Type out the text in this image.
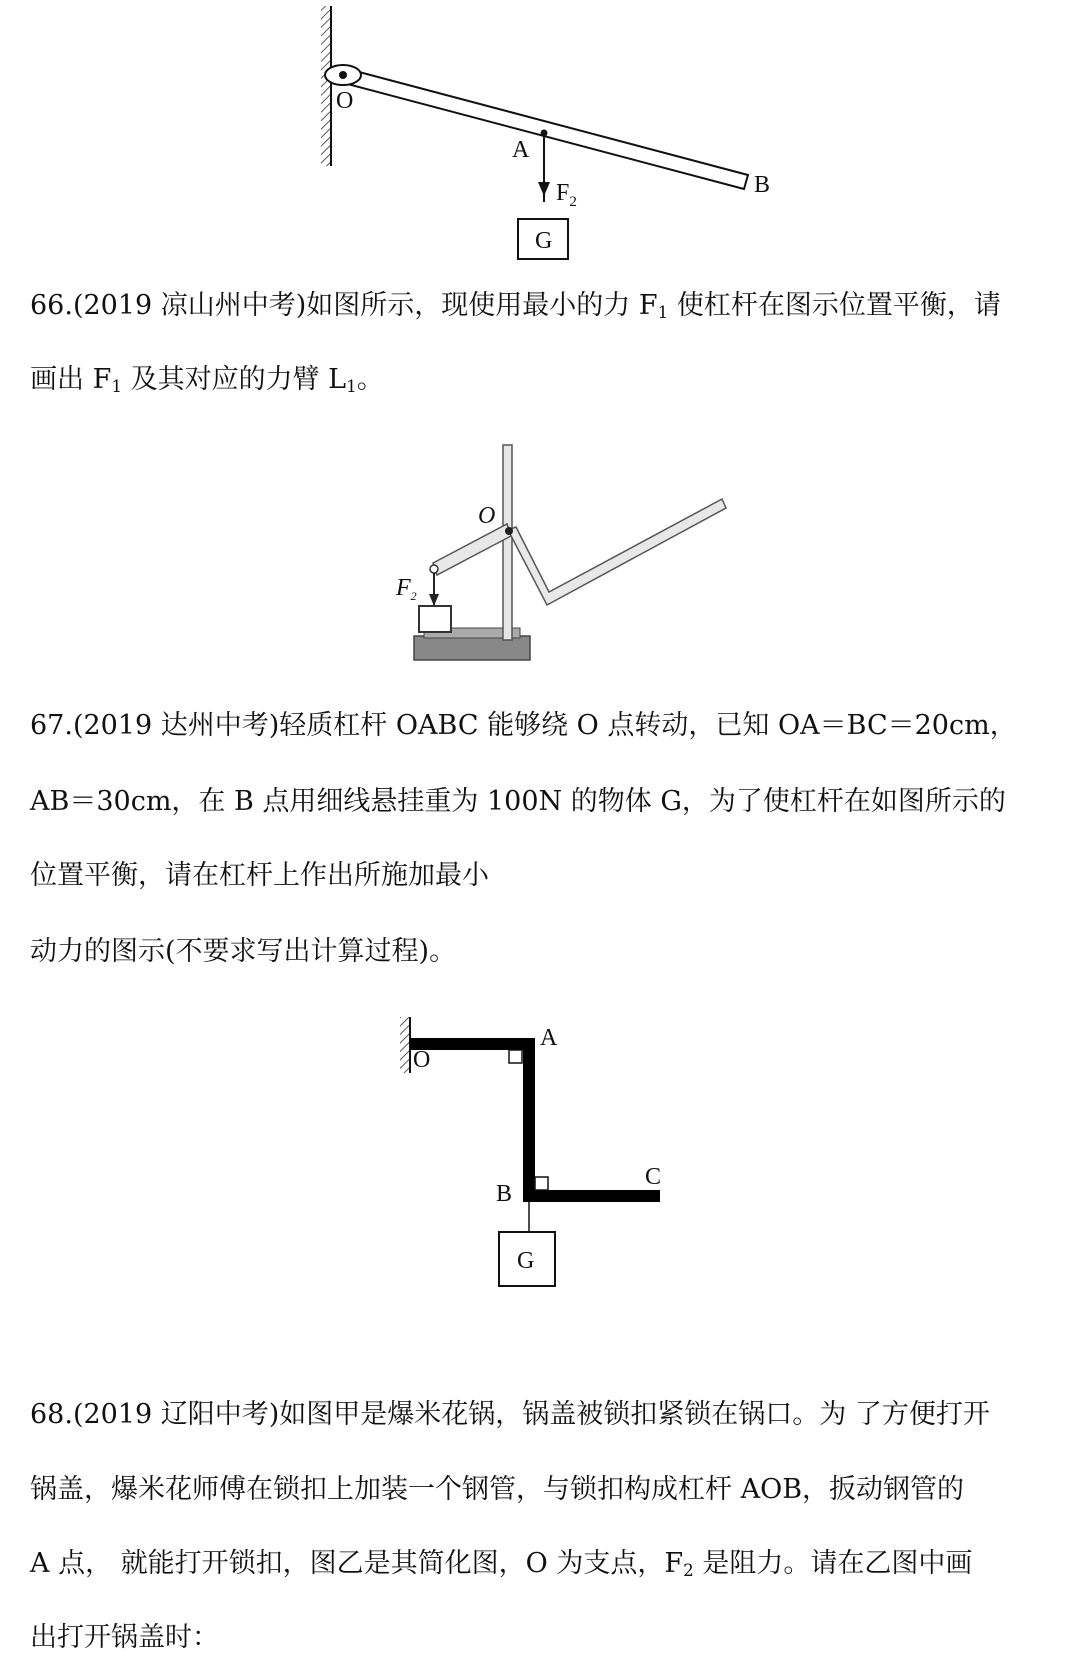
O
A
B
$F_2$
G
66.(2019 凉山州中考)如图所示，现使用最小的力 $F_1$ 使杠杆在图示位置平衡，请
画出 $F_1$ 及其对应的力臂 $L_1$。
O
$F_2$
67.(2019 达州中考)轻质杠杆 OABC 能够绕 O 点转动，已知 OA＝BC＝20cm，
AB＝30cm，在 B 点用细线悬挂重为 100N 的物体 G，为了使杠杆在如图所示的
位置平衡，请在杠杆上作出所施加最小
动力的图示(不要求写出计算过程)。
O
A
B
C
G
68.(2019 辽阳中考)如图甲是爆米花锅，锅盖被锁扣紧锁在锅口。为 了方便打开
锅盖，爆米花师傅在锁扣上加装一个钢管，与锁扣构成杠杆 AOB，扳动钢管的
A 点， 就能打开锁扣，图乙是其简化图，O 为支点，$F_2$ 是阻力。请在乙图中画
出打开锅盖时：
